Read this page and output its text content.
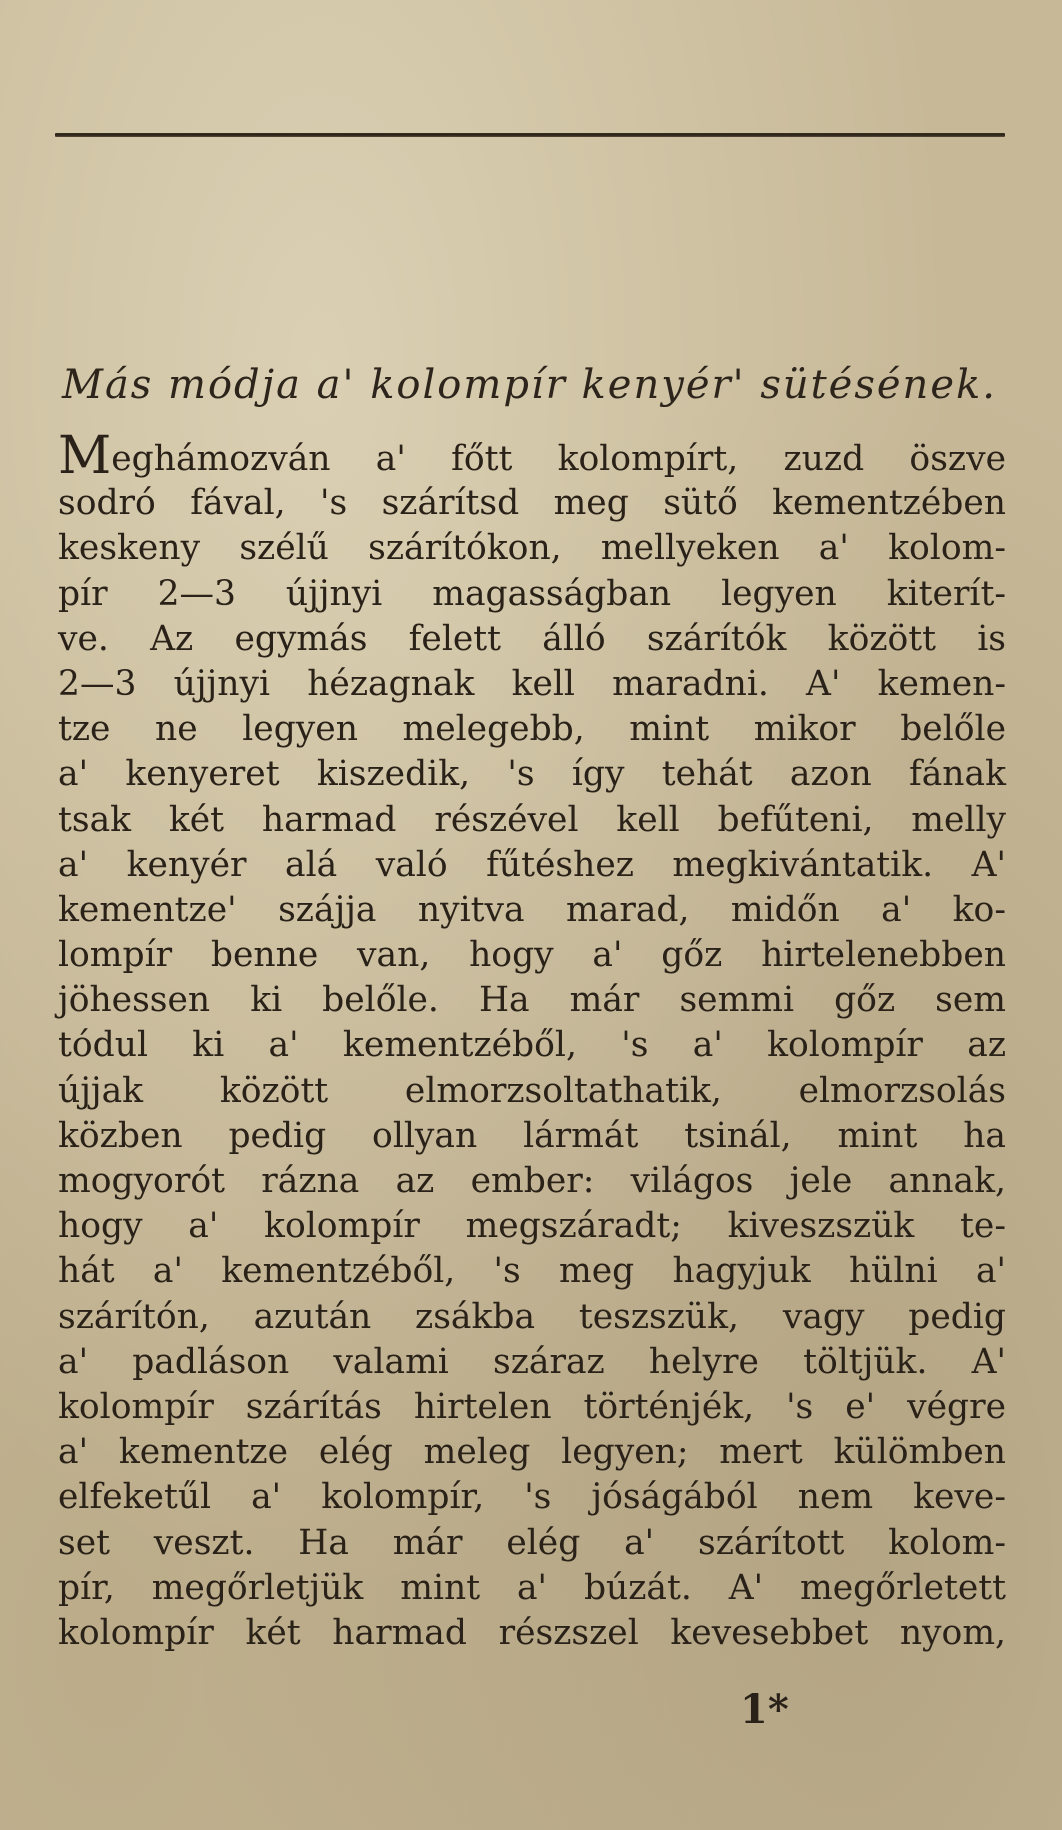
Más módja a' kolompír kenyér' sütésének.
Meghámozván a' főtt kolompírt, zuzd öszve
sodró fával, 's szárítsd meg sütő kementzében
keskeny szélű szárítókon, mellyeken a' kolom-
pír 2—3 újjnyi magasságban legyen kiterít-
ve. Az egymás felett álló szárítók között is
2—3 újjnyi hézagnak kell maradni. A' kemen-
tze ne legyen melegebb, mint mikor belőle
a' kenyeret kiszedik, 's így tehát azon fának
tsak két harmad részével kell befűteni, melly
a' kenyér alá való fűtéshez megkivántatik. A'
kementze' szájja nyitva marad, midőn a' ko-
lompír benne van, hogy a' gőz hirtelenebben
jöhessen ki belőle. Ha már semmi gőz sem
tódul ki a' kementzéből, 's a' kolompír az
újjak között elmorzsoltathatik, elmorzsolás
közben pedig ollyan lármát tsinál, mint ha
mogyorót rázna az ember: világos jele annak,
hogy a' kolompír megszáradt; kiveszszük te-
hát a' kementzéből, 's meg hagyjuk hülni a'
szárítón, azután zsákba teszszük, vagy pedig
a' padláson valami száraz helyre töltjük. A'
kolompír szárítás hirtelen történjék, 's e' végre
a' kementze elég meleg legyen; mert külömben
elfeketűl a' kolompír, 's jóságából nem keve-
set veszt. Ha már elég a' szárított kolom-
pír, megőrletjük mint a' búzát. A' megőrletett
kolompír két harmad részszel kevesebbet nyom,
1*
